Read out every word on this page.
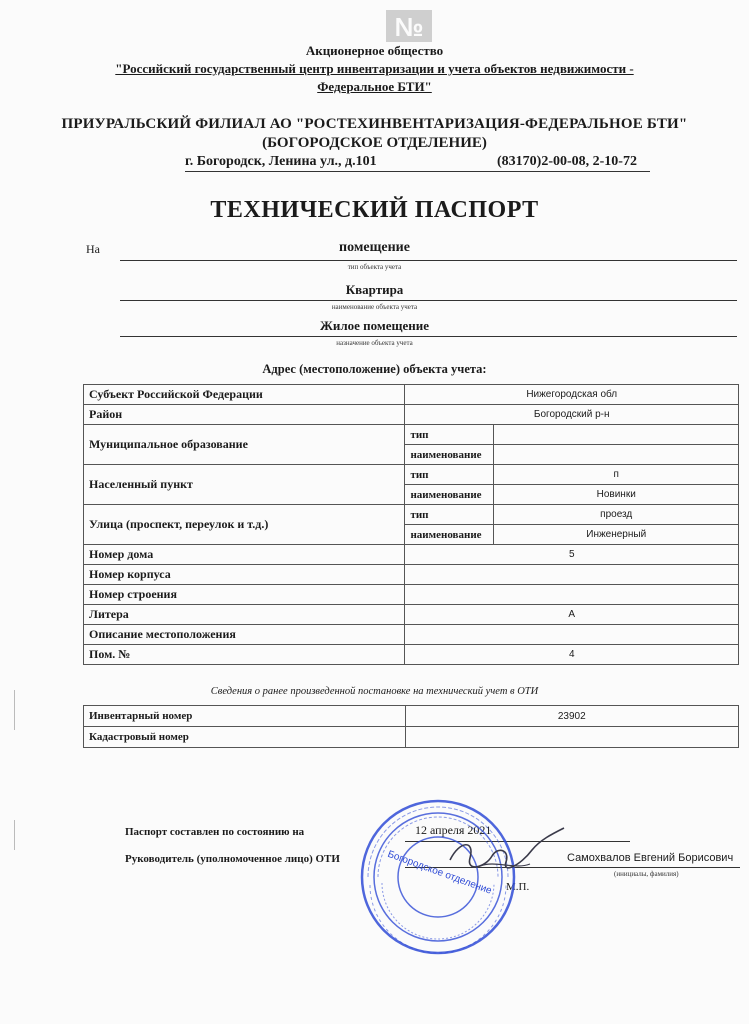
№
Акционерное общество
"Российский государственный центр инвентаризации и учета объектов недвижимости -
Федеральное БТИ"
ПРИУРАЛЬСКИЙ ФИЛИАЛ АО "РОСТЕХИНВЕНТАРИЗАЦИЯ-ФЕДЕРАЛЬНОЕ БТИ"
(БОГОРОДСКОЕ ОТДЕЛЕНИЕ)
г. Богородск, Ленина ул., д.101	(83170)2-00-08, 2-10-72
ТЕХНИЧЕСКИЙ ПАСПОРТ
На	помещение
тип объекта учета
Квартира
наименование объекта учета
Жилое помещение
назначение объекта учета
Адрес (местоположение) объекта учета:
Субъект Российской Федерации	Нижегородская обл	
Район	Богородский р-н	
Муниципальное образование	тип	
	наименование	
Населенный пункт	тип	п
	наименование	Новинки
Улица (проспект, переулок и т.д.)	тип	проезд
	наименование	Инженерный
Номер дома	5	
Номер корпуса		
Номер строения		
Литера	А	
Описание местоположения		
Пом. №	4	
Сведения о ранее произведенной постановке на технический учет в ОТИ
Инвентарный номер	23902
Кадастровый номер	
Паспорт составлен по состоянию на	12 апреля 2021
Руководитель (уполномоченное лицо) ОТИ	Самохвалов Евгений Борисович
(инициалы, фамилия)
М.П.
Богородское отделение
